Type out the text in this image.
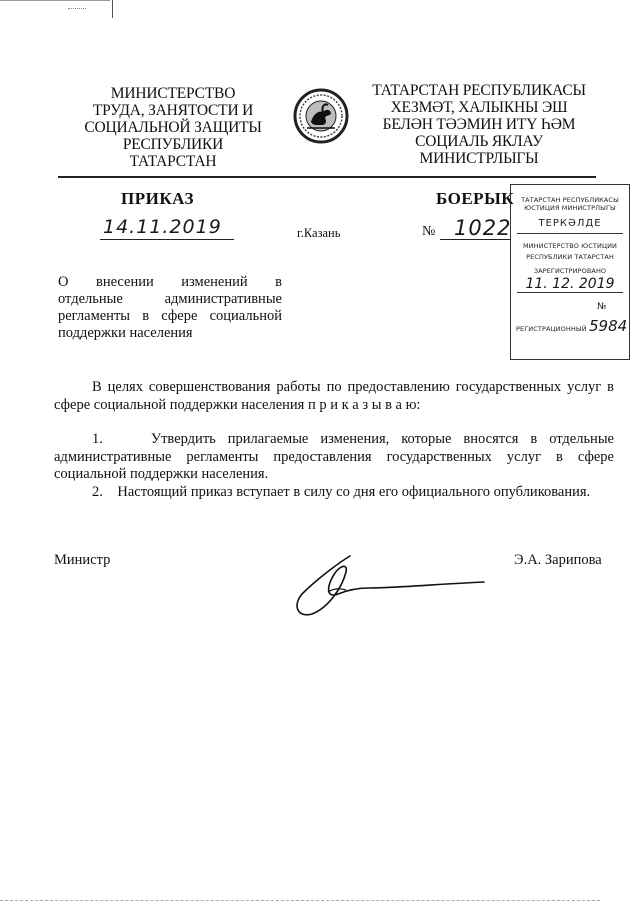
МИНИСТЕРСТВО
ТРУДА, ЗАНЯТОСТИ И
СОЦИАЛЬНОЙ ЗАЩИТЫ
РЕСПУБЛИКИ
ТАТАРСТАН
ТАТАРСТАН РЕСПУБЛИКАСЫ
ХЕЗМӘТ, ХАЛЫКНЫ ЭШ
БЕЛӘН ТӘЭМИН ИТҮ ҺӘМ
СОЦИАЛЬ ЯКЛАУ
МИНИСТРЛЫГЫ
ПРИКАЗ	БОЕРЫК
14.11.2019	г.Казань	№ 1022
ТАТАРСТАН РЕСПУБЛИКАСЫ
ЮСТИЦИЯ МИНИСТРЛЫГЫ
ТЕРКӘЛДЕ
МИНИСТЕРСТВО ЮСТИЦИИ
РЕСПУБЛИКИ ТАТАРСТАН
ЗАРЕГИСТРИРОВАНО
11. 12. 2019
№
РЕГИСТРАЦИОННЫЙ 5984
О внесении изменений в
отдельные административные
регламенты в сфере социальной
поддержки населения
В целях совершенствования работы по предоставлению государственных услуг в сфере социальной поддержки населения п р и к а з ы в а ю:
1.    Утвердить прилагаемые изменения, которые вносятся в отдельные административные регламенты предоставления государственных услуг в сфере социальной поддержки населения.
2.    Настоящий приказ вступает в силу со дня его официального опубликования.
Министр	Э.А. Зарипова
